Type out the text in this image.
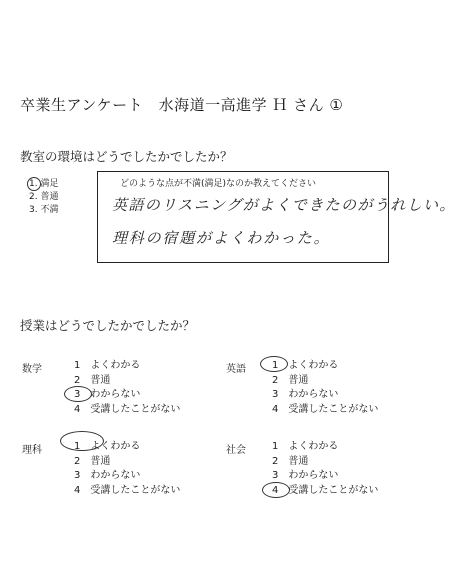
卒業生アンケート　水海道一高進学 Ｈ さん ①
教室の環境はどうでしたかでしたか？
1. 満足
2. 普通
3. 不満
どのような点が不満(満足)なのか教えてください
英語のリスニングがよくできたのがうれしい。
理科の宿題がよくわかった。
授業はどうでしたかでしたか？
数学	1　よくわかる
2　普通
3　わからない
4　受講したことがない
英語	1　よくわかる
2　普通
3　わからない
4　受講したことがない
理科	1　よくわかる
2　普通
3　わからない
4　受講したことがない
社会	1　よくわかる
2　普通
3　わからない
4　受講したことがない
